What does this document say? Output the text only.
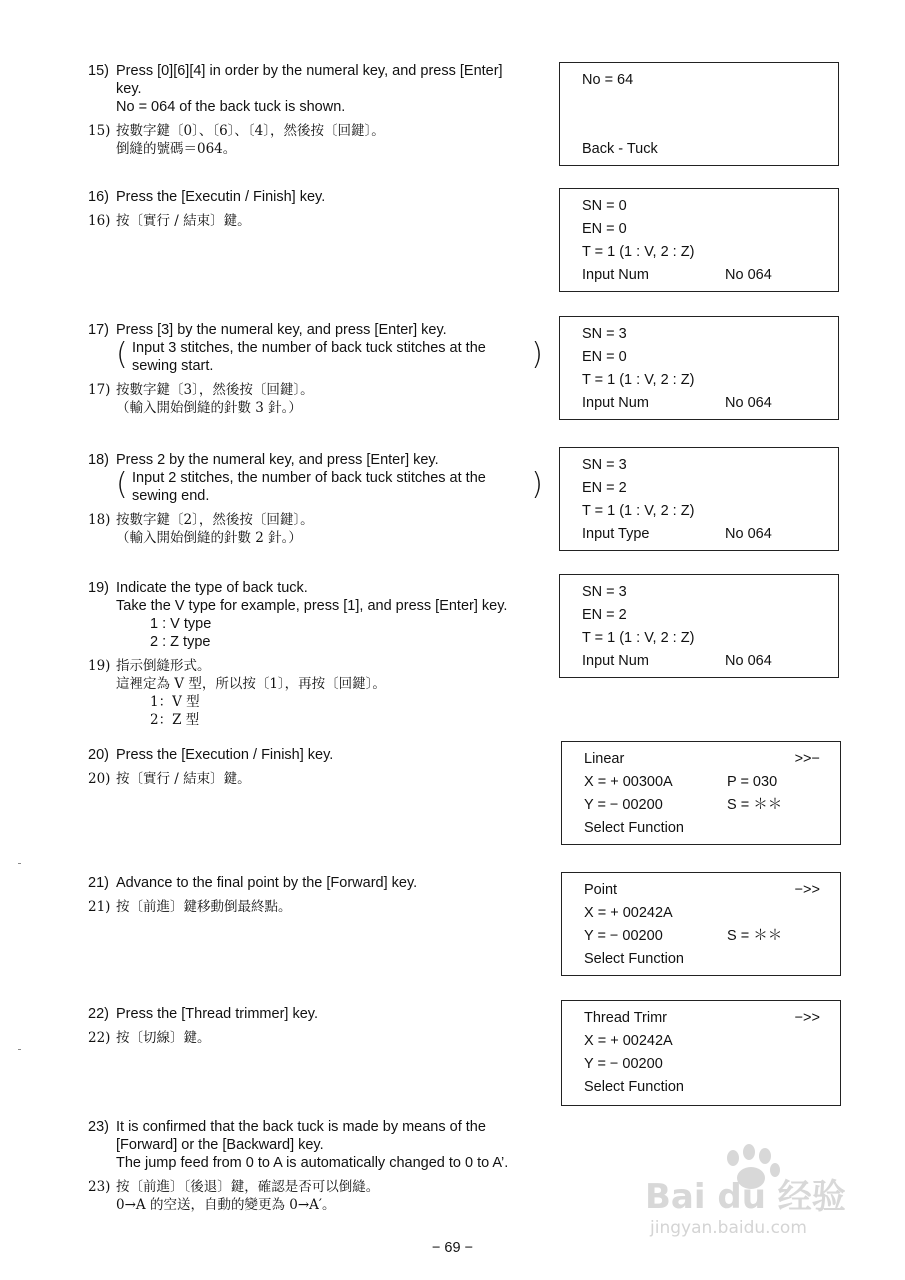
15) Press [0][6][4] in order by the numeral key, and press [Enter]
key.
No = 064 of the back tuck is shown.
15) 按數字鍵〔0〕、〔6〕、〔4〕，然後按〔回鍵〕。
倒縫的號碼＝064。
16) Press the [Executin / Finish] key.
16) 按〔實行 / 結束〕鍵。
17) Press [3] by the numeral key, and press [Enter] key.
(	)
Input 3 stitches, the number of back tuck stitches at the
sewing start.
17) 按數字鍵〔3〕，然後按〔回鍵〕。
（輸入開始倒縫的針數 3 針。）
18) Press 2 by the numeral key, and press [Enter] key.
(	)
Input 2 stitches, the number of back tuck stitches at the
sewing end.
18) 按數字鍵〔2〕，然後按〔回鍵〕。
（輸入開始倒縫的針數 2 針。）
19) Indicate the type of back tuck.
Take the V type for example, press [1], and press [Enter] key.
1 : V type
2 : Z type
19) 指示倒縫形式。
這裡定為 V 型，所以按〔1〕，再按〔回鍵〕。
1：V 型
2：Z 型
20) Press the [Execution / Finish] key.
20) 按〔實行 / 結束〕鍵。
21) Advance to the final point by the [Forward] key.
21) 按〔前進〕鍵移動倒最終點。
22) Press the [Thread trimmer] key.
22) 按〔切線〕鍵。
23) It is confirmed that the back tuck is made by means of the
[Forward] or the [Backward] key.
The jump feed from 0 to A is automatically changed to 0 to A’.
23) 按〔前進〕〔後退〕鍵，確認是否可以倒縫。
0→A 的空送，自動的變更為 0→A′。
No = 64
Back - Tuck
SN = 0
EN = 0
T = 1 (1 : V, 2 : Z)
Input Num	No 064
SN = 3
EN = 0
T = 1 (1 : V, 2 : Z)
Input Num	No 064
SN = 3
EN = 2
T = 1 (1 : V, 2 : Z)
Input Type	No 064
SN = 3
EN = 2
T = 1 (1 : V, 2 : Z)
Input Num	No 064
Linear	>>−
X = + 00300A	P = 030
Y = − 00200	S = ＊＊
Select Function
Point	−>>
X = + 00242A
Y = − 00200	S = ＊＊
Select Function
Thread Trimr	−>>
X = + 00242A
Y = − 00200
Select Function
Bai du 经验
jingyan.baidu.com
− 69 −
